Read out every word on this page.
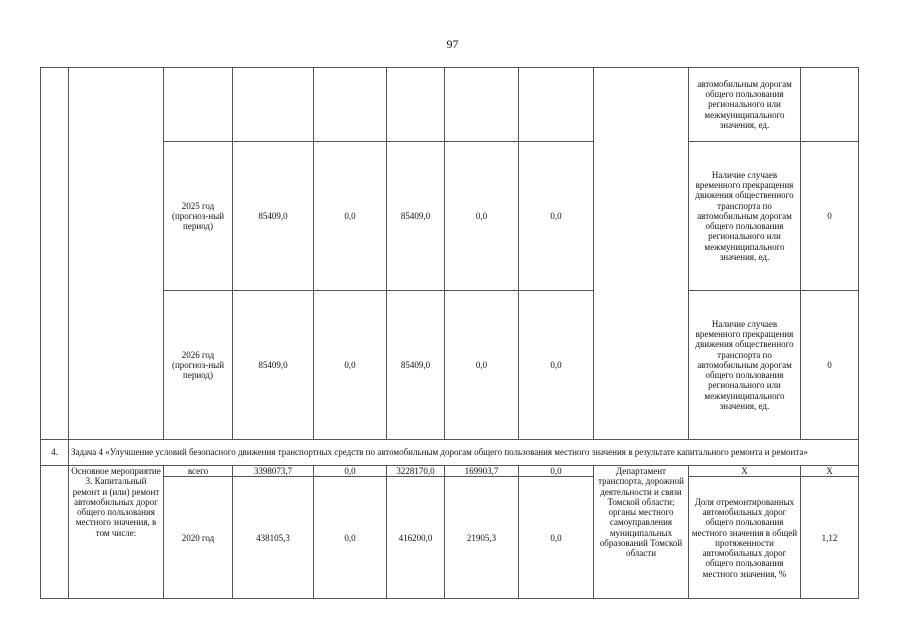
97
									автомобильным дорогам общего пользования регионального или межмуниципального значения, ед.	
		2025 год (прогноз-ный период)	85409,0	0,0	85409,0	0,0	0,0		Наличие случаев временного прекращения движения общественного транспорта по автомобильным дорогам общего пользования регионального или межмуниципального значения, ед.	0
		2026 год (прогноз-ный период)	85409,0	0,0	85409,0	0,0	0,0		Наличие случаев временного прекращения движения общественного транспорта по автомобильным дорогам общего пользования регионального или межмуниципального значения, ед.	0
4.	Задача 4 «Улучшение условий безопасного движения транспортных средств по автомобильным дорогам общего пользования местного значения в результате капитального ремонта и ремонта»									
	Основное мероприятие 3. Капитальный ремонт и (или) ремонт автомобильных дорог общего пользования местного значения, в том числе:	всего	3398073,7	0,0	3228170,0	169903,7	0,0	Департамент транспорта, дорожной деятельности и связи Томской области; органы местного самоуправления муниципальных образований Томской области	Х	Х
		2020 год	438105,3	0,0	416200,0	21905,3	0,0		Доля отремонтированных автомобильных дорог общего пользования местного значения в общей протяженности автомобильных дорог общего пользования местного значения, %	1,12
